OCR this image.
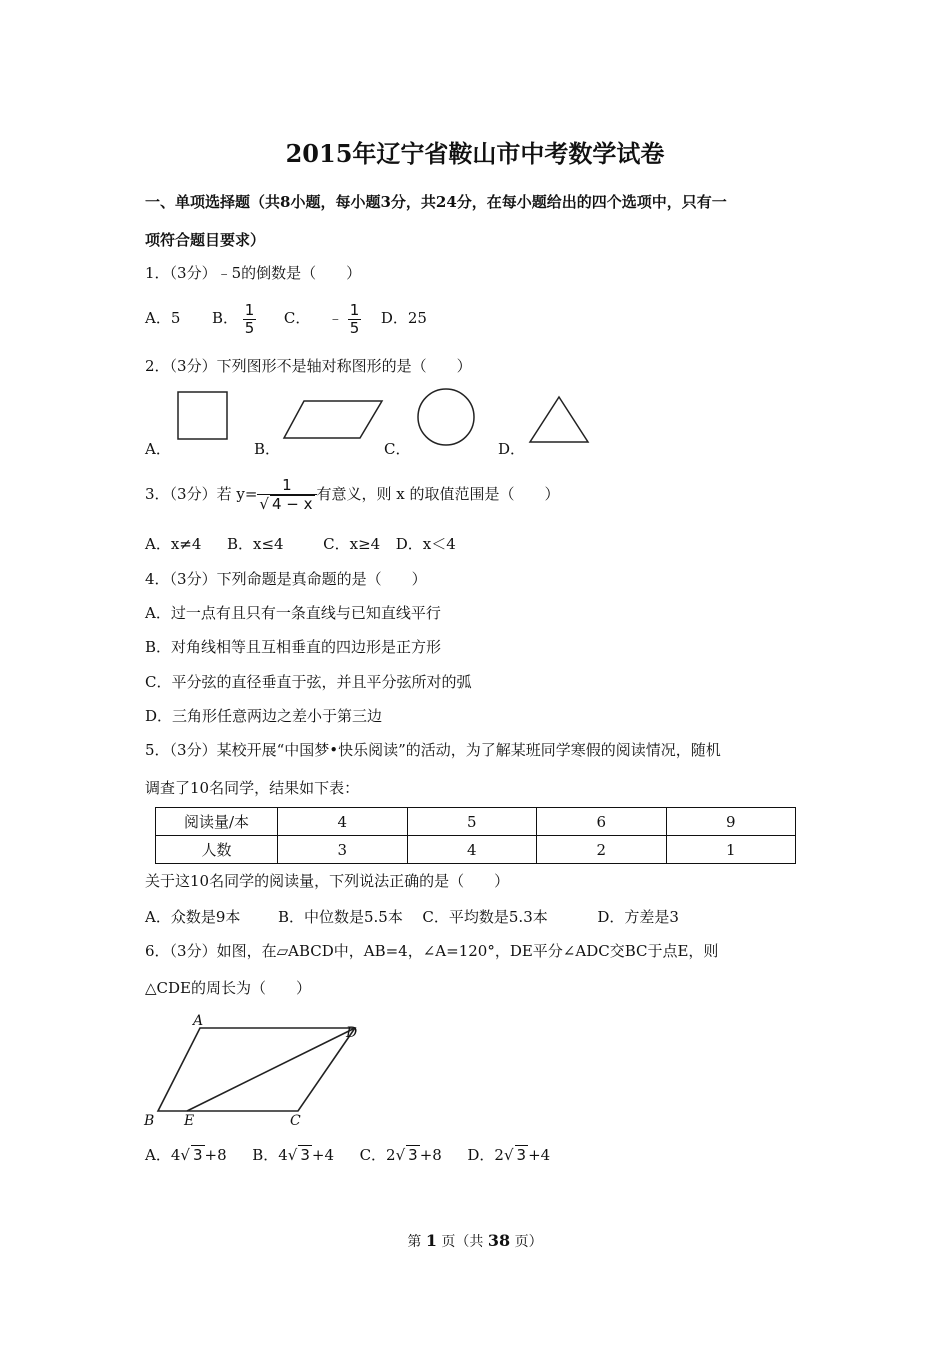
2015年辽宁省鞍山市中考数学试卷
一、单项选择题（共8小题，每小题3分，共24分，在每小题给出的四个选项中，只有一
项符合题目要求）
1．（3分）﹣5的倒数是（　　）
A．5 B． $\frac{1}{5}$ C． ﹣ $\frac{1}{5}$ D．25
2．（3分）下列图形不是轴对称图形的是（　　）
A．	B．	C．	D．
3．（3分）若 $y= \frac{1}{√ 4 - x}$ 有意义，则 x 的取值范围是（　　）
A．x≠4 B．x≤4	C．x≥4 D．x＜4
4．（3分）下列命题是真命题的是（　　）
A．过一点有且只有一条直线与已知直线平行
B．对角线相等且互相垂直的四边形是正方形
C．平分弦的直径垂直于弦，并且平分弦所对的弧
D．三角形任意两边之差小于第三边
5．（3分）某校开展“中国梦•快乐阅读”的活动，为了解某班同学寒假的阅读情况，随机
调查了10名同学，结果如下表：
阅读量/本	4	5	6	9
人数	3	4	2	1
关于这10名同学的阅读量，下列说法正确的是（　　）
A．众数是9本	B．中位数是5.5本 C．平均数是5.3本	D．方差是3
6．（3分）如图，在▱ABCD中，AB=4，∠A=120°，DE平分∠ADC交BC于点E，则
△CDE的周长为（　　）
A
D
B E	C
A．4√ 3 +8 B．4√ 3 +4 C．2√ 3 +8 D．2√ 3 +4
第 1 页（共 38 页）
